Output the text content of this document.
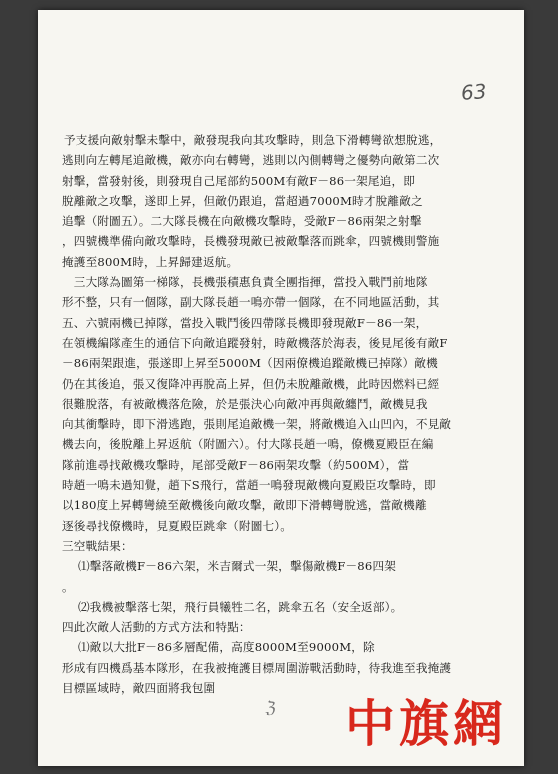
63
予支援向敵射擊未擊中，敵發現我向其攻擊時，則急下滑轉彎欲想脫逃，
逃則向左轉尾追敵機，敵亦向右轉彎，逃則以內側轉彎之優勢向敵第二次
射擊，當發射後，則發現自己尾部約500M有敵F－86一架尾追，即
脫離敵之攻擊，遂即上昇，但敵仍跟追，當超過7000M時才脫離敵之
追擊（附圖五）。二大隊長機在向敵機攻擊時，受敵F－86兩架之射擊
，四號機準備向敵攻擊時，長機發現敵已被敵擊落而跳傘，四號機則警施
掩護至800M時，上昇歸建返航。
　三大隊為圖第一梯隊，長機張積惠負責全團指揮，當投入戰鬥前地隊
形不整，只有一個隊，副大隊長趙一鳴亦帶一個隊，在不同地區活動，其
五、六號兩機已掉隊，當投入戰鬥後四帶隊長機即發現敵F－86一架，
在領機編隊產生的通信下向敵追蹤發射，時敵機落於海表，後見尾後有敵F
－86兩架跟進，張遂即上昇至5000M（因兩僚機追蹤敵機已掉隊）敵機
仍在其後追，張又復降冲再脫高上昇，但仍未脫離敵機，此時因燃料已經
很難脫落，有被敵機落危險，於是張決心向敵冲再與敵纏鬥，敵機見我
向其衝擊時，即下滑逃跑，張則尾追敵機一架，將敵機追入山凹內，不見敵
機去向，後脫離上昇返航（附圖六）。付大隊長趙一鳴，僚機夏殿臣在編
隊前進尋找敵機攻擊時，尾部受敵F－86兩架攻擊（約500M），當
時趙一鳴未過知覺，趙下S飛行，當趙一鳴發現敵機向夏殿臣攻擊時，即
以180度上昇轉彎繞至敵機後向敵攻擊，敵即下滑轉彎脫逃，當敵機離
逐後尋找僚機時，見夏殿臣跳傘（附圖七）。
三空戰結果：
⑴擊落敵機F－86六架，米吉爾式一架，擊傷敵機F－86四架
。
⑵我機被擊落七架，飛行員犧牲二名，跳傘五名（安全返部）。
四此次敵人活動的方式方法和特點：
⑴敵以大批F－86多層配備，高度8000M至9000M，除
形成有四機爲基本隊形，在我被掩護目標周圍游戰活動時，待我進至我掩護
目標區域時，敵四面將我包圍
ℨ 中旗網
